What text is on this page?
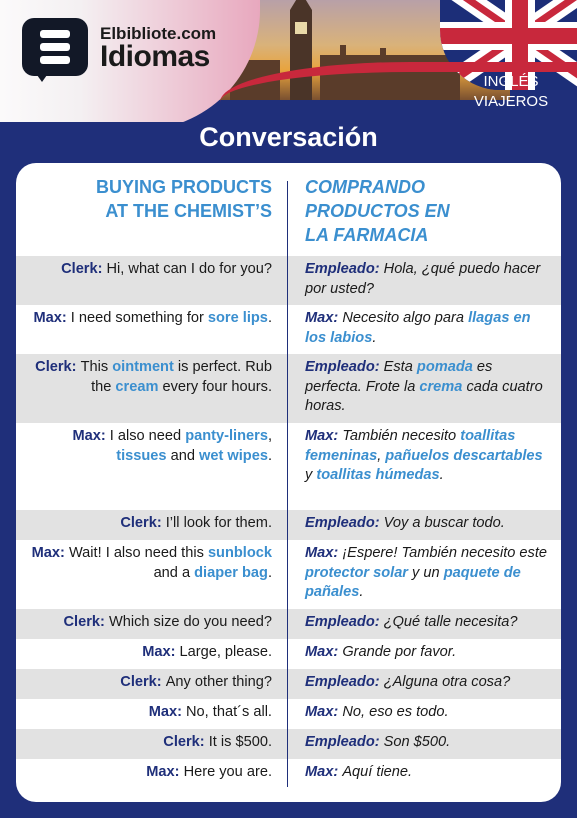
Elbibliote.com
Idiomas
INGLÉS
VIAJEROS
Conversación
BUYING PRODUCTS
AT THE CHEMIST’S
COMPRANDO
PRODUCTOS EN
LA FARMACIA
Clerk: Hi, what can I do for you? Empleado: Hola, ¿qué puedo hacer por usted?
Max: I need something for sore lips. Max: Necesito algo para llagas en los labios.
Clerk: This ointment is perfect. Rub the cream every four hours.
Empleado: Esta pomada es perfecta. Frote la crema cada cuatro horas.
Max: I also need panty-liners, tissues and wet wipes.
Max: También necesito toallitas femeninas, pañuelos descartables y toallitas húmedas.
Clerk: I’ll look for them. Empleado: Voy a buscar todo.
Max: Wait! I also need this sunblock and a diaper bag.
Max: ¡Espere! También necesito este protector solar y un paquete de pañales.
Clerk: Which size do you need? Empleado: ¿Qué talle necesita?
Max: Large, please. Max: Grande por favor.
Clerk: Any other thing? Empleado: ¿Alguna otra cosa?
Max: No, that´s all. Max: No, eso es todo.
Clerk: It is $500. Empleado: Son $500.
Max: Here you are. Max: Aquí tiene.
